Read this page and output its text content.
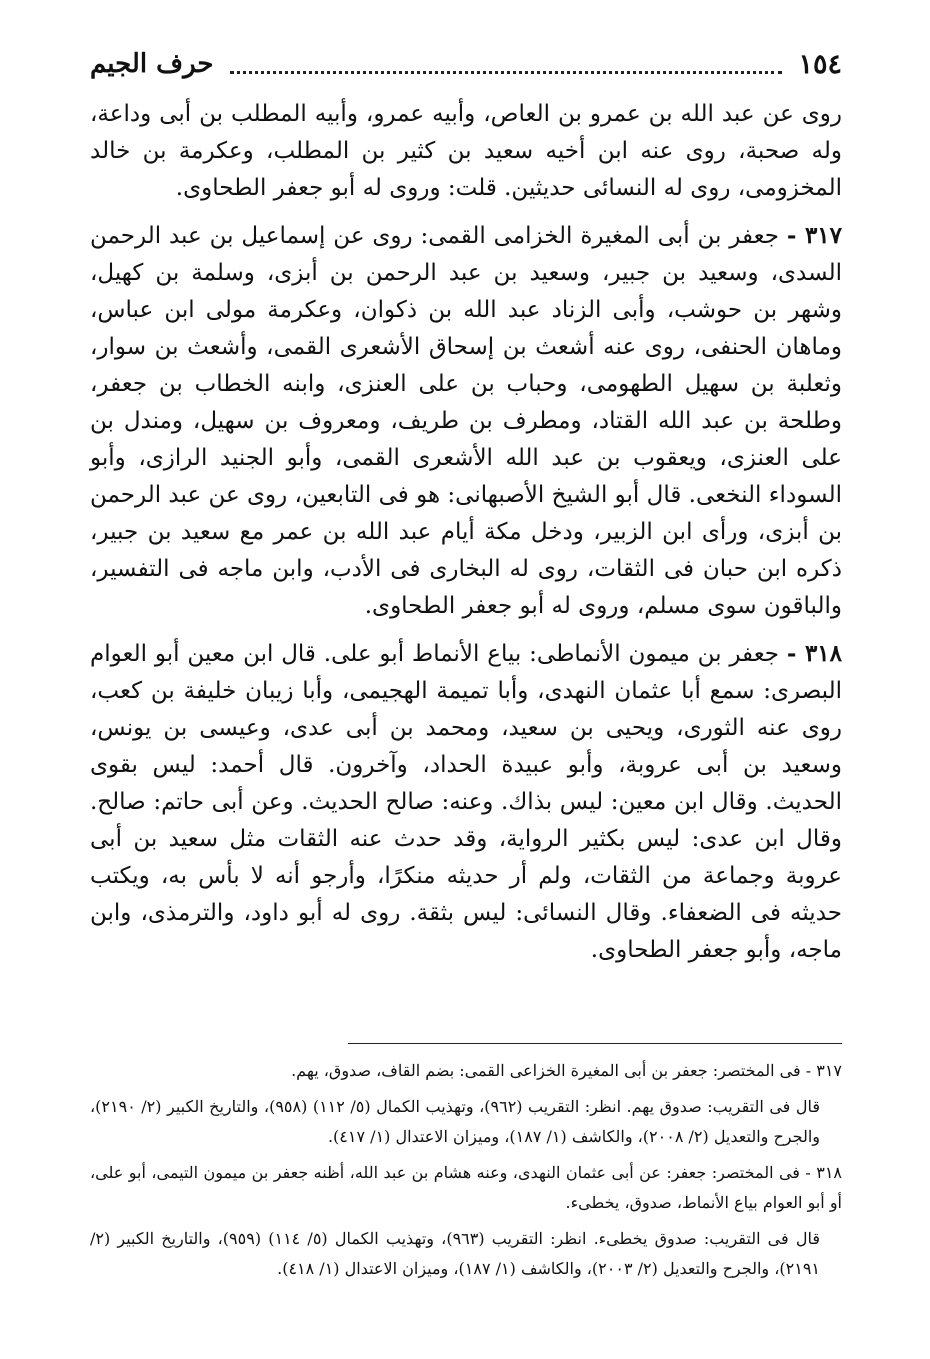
١٥٤
حرف الجيم

روى عن عبد الله بن عمرو بن العاص، وأبيه عمرو، وأبيه المطلب بن أبى وداعة، وله صحبة، روى عنه ابن أخيه سعيد بن كثير بن المطلب، وعكرمة بن خالد المخزومى، روى له النسائى حديثين. قلت: وروى له أبو جعفر الطحاوى.

٣١٧ - جعفر بن أبى المغيرة الخزامى القمى: روى عن إسماعيل بن عبد الرحمن السدى، وسعيد بن جبير، وسعيد بن عبد الرحمن بن أبزى، وسلمة بن كهيل، وشهر بن حوشب، وأبى الزناد عبد الله بن ذكوان، وعكرمة مولى ابن عباس، وماهان الحنفى، روى عنه أشعث بن إسحاق الأشعرى القمى، وأشعث بن سوار، وثعلبة بن سهيل الطهومى، وحباب بن على العنزى، وابنه الخطاب بن جعفر، وطلحة بن عبد الله القتاد، ومطرف بن طريف، ومعروف بن سهيل، ومندل بن على العنزى، ويعقوب بن عبد الله الأشعرى القمى، وأبو الجنيد الرازى، وأبو السوداء النخعى. قال أبو الشيخ الأصبهانى: هو فى التابعين، روى عن عبد الرحمن بن أبزى، ورأى ابن الزبير، ودخل مكة أيام عبد الله بن عمر مع سعيد بن جبير، ذكره ابن حبان فى الثقات، روى له البخارى فى الأدب، وابن ماجه فى التفسير، والباقون سوى مسلم، وروى له أبو جعفر الطحاوى.

٣١٨ - جعفر بن ميمون الأنماطى: بياع الأنماط أبو على. قال ابن معين أبو العوام البصرى: سمع أبا عثمان النهدى، وأبا تميمة الهجيمى، وأبا زيبان خليفة بن كعب، روى عنه الثورى، ويحيى بن سعيد، ومحمد بن أبى عدى، وعيسى بن يونس، وسعيد بن أبى عروبة، وأبو عبيدة الحداد، وآخرون. قال أحمد: ليس بقوى الحديث. وقال ابن معين: ليس بذاك. وعنه: صالح الحديث. وعن أبى حاتم: صالح. وقال ابن عدى: ليس بكثير الرواية، وقد حدث عنه الثقات مثل سعيد بن أبى عروبة وجماعة من الثقات، ولم أر حديثه منكرًا، وأرجو أنه لا بأس به، ويكتب حديثه فى الضعفاء. وقال النسائى: ليس بثقة. روى له أبو داود، والترمذى، وابن ماجه، وأبو جعفر الطحاوى.

٣١٧ - فى المختصر: جعفر بن أبى المغيرة الخزاعى القمى: بضم القاف، صدوق، يهم.

قال فى التقريب: صدوق يهم. انظر: التقريب (٩٦٢)، وتهذيب الكمال (٥/ ١١٢) (٩٥٨)، والتاريخ الكبير (٢/ ٢١٩٠)، والجرح والتعديل (٢/ ٢٠٠٨)، والكاشف (١/ ١٨٧)، وميزان الاعتدال (١/ ٤١٧).

٣١٨ - فى المختصر: جعفر: عن أبى عثمان النهدى، وعنه هشام بن عبد الله، أظنه جعفر بن ميمون التيمى، أبو على، أو أبو العوام بياع الأنماط، صدوق، يخطىء.

قال فى التقريب: صدوق يخطىء. انظر: التقريب (٩٦٣)، وتهذيب الكمال (٥/ ١١٤) (٩٥٩)، والتاريخ الكبير (٢/ ٢١٩١)، والجرح والتعديل (٢/ ٢٠٠٣)، والكاشف (١/ ١٨٧)، وميزان الاعتدال (١/ ٤١٨).
